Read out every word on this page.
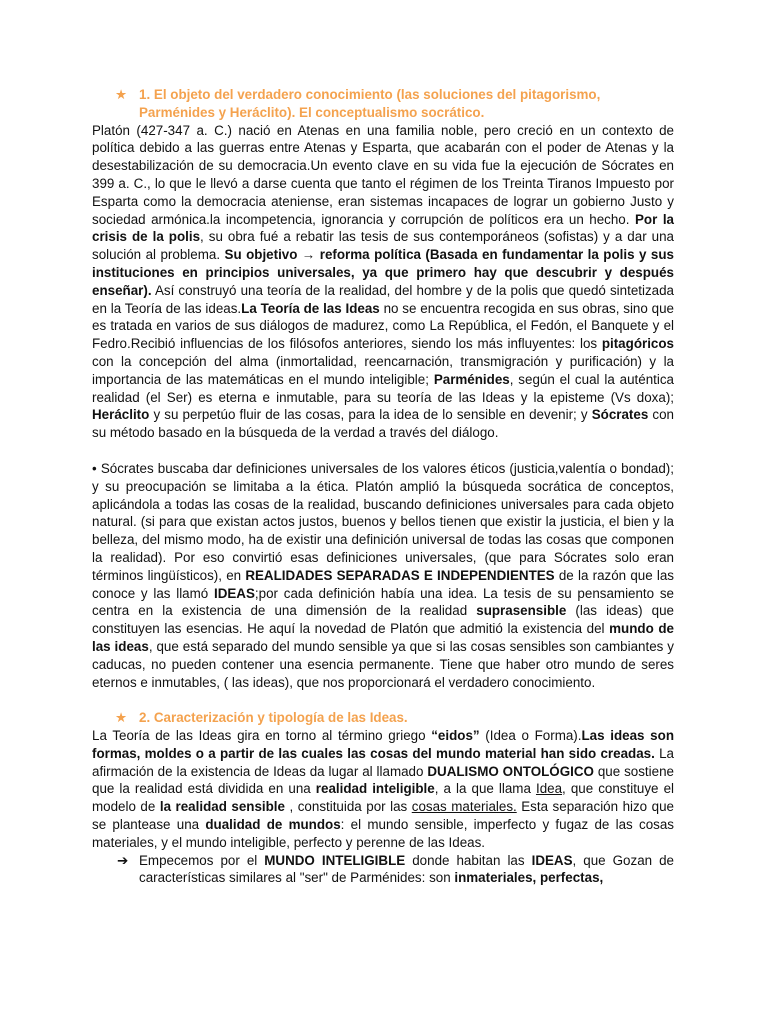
★ 1. El objeto del verdadero conocimiento (las soluciones del pitagorismo, Parménides y Heráclito). El conceptualismo socrático.

Platón (427-347 a. C.) nació en Atenas en una familia noble, pero creció en un contexto de política debido a las guerras entre Atenas y Esparta, que acabarán con el poder de Atenas y la desestabilización de su democracia.Un evento clave en su vida fue la ejecución de Sócrates en 399 a. C., lo que le llevó a darse cuenta que tanto el régimen de los Treinta Tiranos Impuesto por Esparta como la democracia ateniense, eran sistemas incapaces de lograr un gobierno Justo y sociedad armónica.la incompetencia, ignorancia y corrupción de políticos era un hecho. Por la crisis de la polis, su obra fué a rebatir las tesis de sus contemporáneos (sofistas) y a dar una solución al problema. Su objetivo → reforma política (Basada en fundamentar la polis y sus instituciones en principios universales, ya que primero hay que descubrir y después enseñar). Así construyó una teoría de la realidad, del hombre y de la polis que quedó sintetizada en la Teoría de las ideas.La Teoría de las Ideas no se encuentra recogida en sus obras, sino que es tratada en varios de sus diálogos de madurez, como La República, el Fedón, el Banquete y el Fedro.Recibió influencias de los filósofos anteriores, siendo los más influyentes: los pitagóricos con la concepción del alma (inmortalidad, reencarnación, transmigración y purificación) y la importancia de las matemáticas en el mundo inteligible; Parménides, según el cual la auténtica realidad (el Ser) es eterna e inmutable, para su teoría de las Ideas y la episteme (Vs doxa); Heráclito y su perpetúo fluir de las cosas, para la idea de lo sensible en devenir; y Sócrates con su método basado en la búsqueda de la verdad a través del diálogo.

• Sócrates buscaba dar definiciones universales de los valores éticos (justicia,valentía o bondad); y su preocupación se limitaba a la ética. Platón amplió la búsqueda socrática de conceptos, aplicándola a todas las cosas de la realidad, buscando definiciones universales para cada objeto natural. (si para que existan actos justos, buenos y bellos tienen que existir la justicia, el bien y la belleza, del mismo modo, ha de existir una definición universal de todas las cosas que componen la realidad). Por eso convirtió esas definiciones universales, (que para Sócrates solo eran términos lingüísticos), en REALIDADES SEPARADAS E INDEPENDIENTES de la razón que las conoce y las llamó IDEAS;por cada definición había una idea. La tesis de su pensamiento se centra en la existencia de una dimensión de la realidad suprasensible (las ideas) que constituyen las esencias. He aquí la novedad de Platón que admitió la existencia del mundo de las ideas, que está separado del mundo sensible ya que si las cosas sensibles son cambiantes y caducas, no pueden contener una esencia permanente. Tiene que haber otro mundo de seres eternos e inmutables, ( las ideas), que nos proporcionará el verdadero conocimiento.

★ 2. Caracterización y tipología de las Ideas.

La Teoría de las Ideas gira en torno al término griego “eidos” (Idea o Forma).Las ideas son formas, moldes o a partir de las cuales las cosas del mundo material han sido creadas. La afirmación de la existencia de Ideas da lugar al llamado DUALISMO ONTOLÓGICO que sostiene que la realidad está dividida en una realidad inteligible, a la que llama Idea, que constituye el modelo de la realidad sensible , constituida por las cosas materiales. Esta separación hizo que se plantease una dualidad de mundos: el mundo sensible, imperfecto y fugaz de las cosas materiales, y el mundo inteligible, perfecto y perenne de las Ideas.

➔ Empecemos por el MUNDO INTELIGIBLE donde habitan las IDEAS, que Gozan de características similares al "ser" de Parménides: son inmateriales, perfectas,
